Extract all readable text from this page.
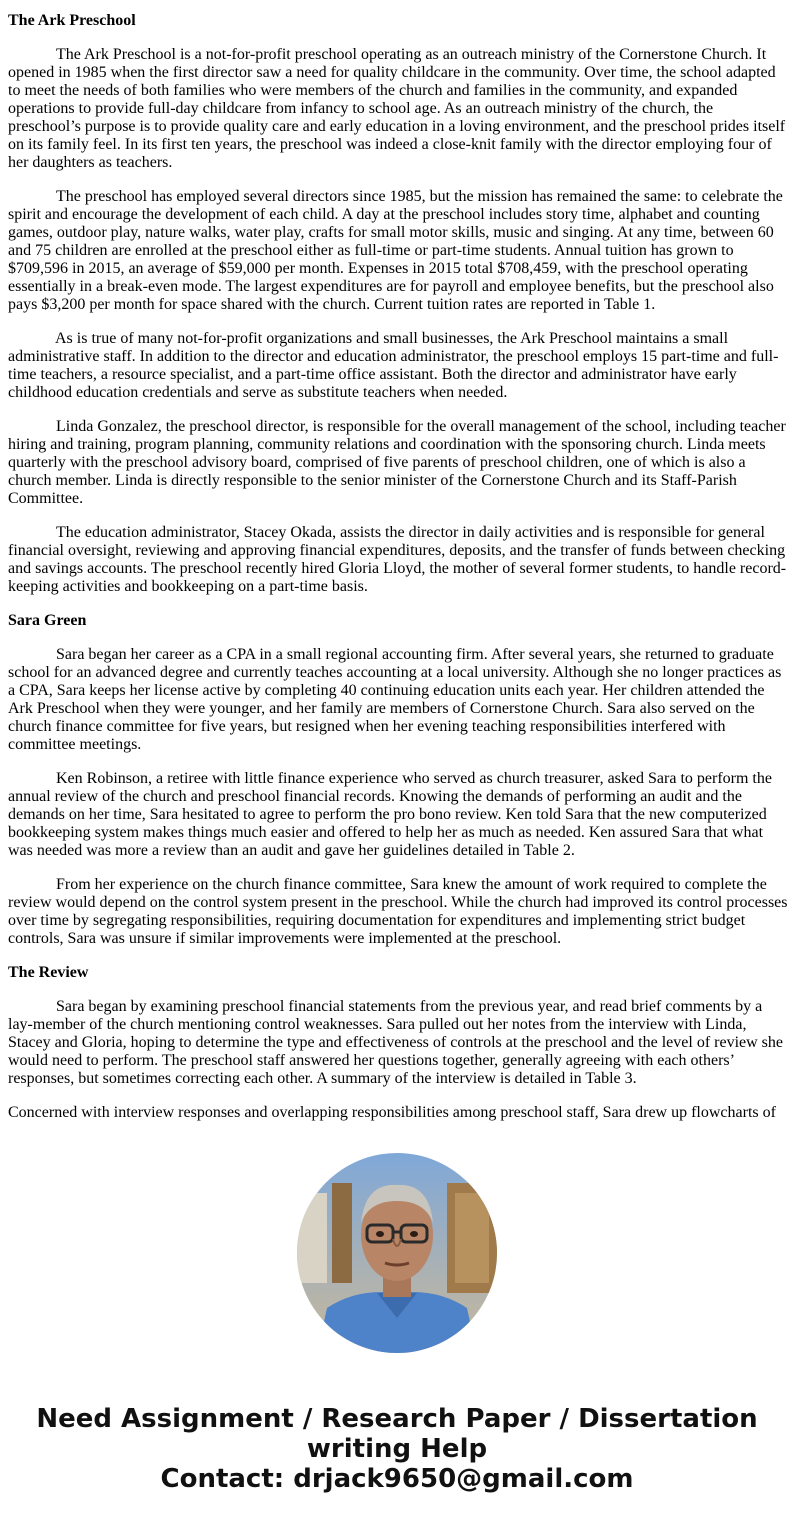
The Ark Preschool

The Ark Preschool is a not-for-profit preschool operating as an outreach ministry of the Cornerstone Church. It opened in 1985 when the first director saw a need for quality childcare in the community. Over time, the school adapted to meet the needs of both families who were members of the church and families in the community, and expanded operations to provide full-day childcare from infancy to school age. As an outreach ministry of the church, the preschool’s purpose is to provide quality care and early education in a loving environment, and the preschool prides itself on its family feel. In its first ten years, the preschool was indeed a close-knit family with the director employing four of her daughters as teachers.

The preschool has employed several directors since 1985, but the mission has remained the same: to celebrate the spirit and encourage the development of each child. A day at the preschool includes story time, alphabet and counting games, outdoor play, nature walks, water play, crafts for small motor skills, music and singing. At any time, between 60 and 75 children are enrolled at the preschool either as full-time or part-time students. Annual tuition has grown to $709,596 in 2015, an average of $59,000 per month. Expenses in 2015 total $708,459, with the preschool operating essentially in a break-even mode. The largest expenditures are for payroll and employee benefits, but the preschool also pays $3,200 per month for space shared with the church. Current tuition rates are reported in Table 1.

As is true of many not-for-profit organizations and small businesses, the Ark Preschool maintains a small administrative staff. In addition to the director and education administrator, the preschool employs 15 part-time and full-time teachers, a resource specialist, and a part-time office assistant. Both the director and administrator have early childhood education credentials and serve as substitute teachers when needed.

Linda Gonzalez, the preschool director, is responsible for the overall management of the school, including teacher hiring and training, program planning, community relations and coordination with the sponsoring church. Linda meets quarterly with the preschool advisory board, comprised of five parents of preschool children, one of which is also a church member. Linda is directly responsible to the senior minister of the Cornerstone Church and its Staff-Parish Committee.

The education administrator, Stacey Okada, assists the director in daily activities and is responsible for general financial oversight, reviewing and approving financial expenditures, deposits, and the transfer of funds between checking and savings accounts. The preschool recently hired Gloria Lloyd, the mother of several former students, to handle record-keeping activities and bookkeeping on a part-time basis.

Sara Green

Sara began her career as a CPA in a small regional accounting firm. After several years, she returned to graduate school for an advanced degree and currently teaches accounting at a local university. Although she no longer practices as a CPA, Sara keeps her license active by completing 40 continuing education units each year. Her children attended the Ark Preschool when they were younger, and her family are members of Cornerstone Church. Sara also served on the church finance committee for five years, but resigned when her evening teaching responsibilities interfered with committee meetings.

Ken Robinson, a retiree with little finance experience who served as church treasurer, asked Sara to perform the annual review of the church and preschool financial records. Knowing the demands of performing an audit and the demands on her time, Sara hesitated to agree to perform the pro bono review. Ken told Sara that the new computerized bookkeeping system makes things much easier and offered to help her as much as needed. Ken assured Sara that what was needed was more a review than an audit and gave her guidelines detailed in Table 2.

From her experience on the church finance committee, Sara knew the amount of work required to complete the review would depend on the control system present in the preschool. While the church had improved its control processes over time by segregating responsibilities, requiring documentation for expenditures and implementing strict budget controls, Sara was unsure if similar improvements were implemented at the preschool.

The Review

Sara began by examining preschool financial statements from the previous year, and read brief comments by a lay-member of the church mentioning control weaknesses. Sara pulled out her notes from the interview with Linda, Stacey and Gloria, hoping to determine the type and effectiveness of controls at the preschool and the level of review she would need to perform. The preschool staff answered her questions together, generally agreeing with each others’ responses, but sometimes correcting each other. A summary of the interview is detailed in Table 3.

Concerned with interview responses and overlapping responsibilities among preschool staff, Sara drew up flowcharts of

Need Assignment / Research Paper / Dissertation
writing Help
Contact: drjack9650@gmail.com
